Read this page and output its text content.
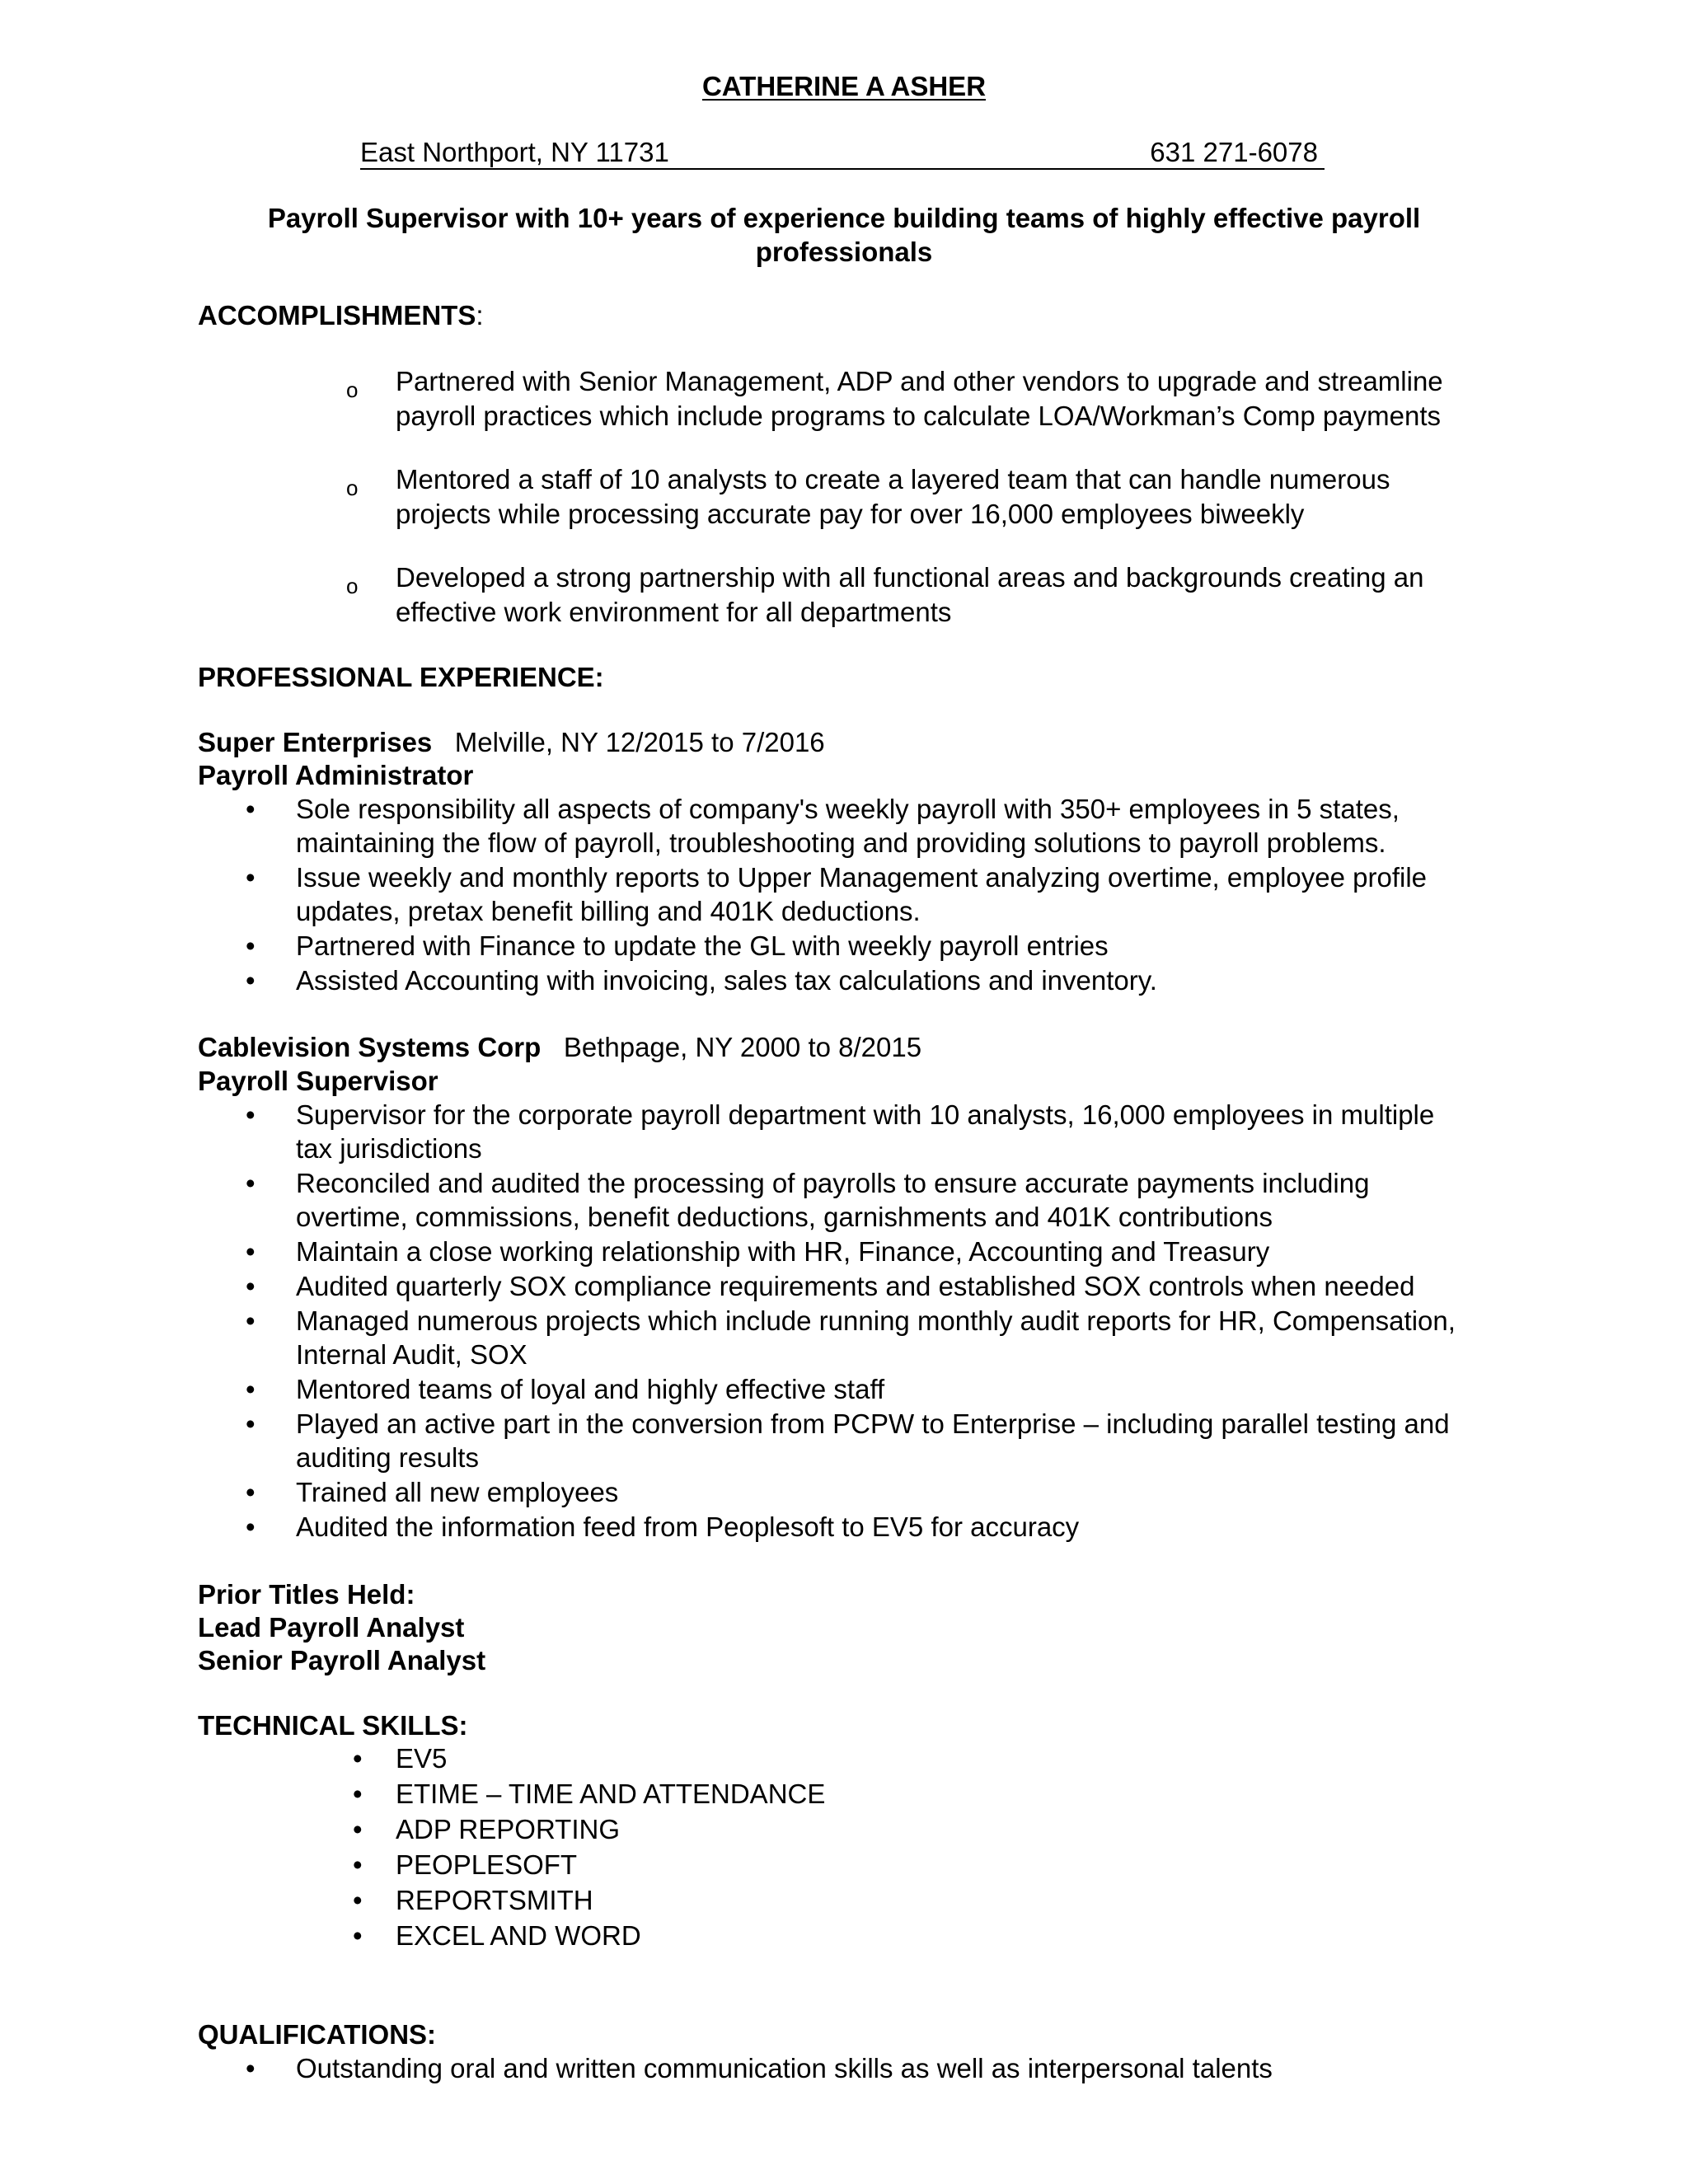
CATHERINE A ASHER
East Northport, NY 11731	631 271-6078
Payroll Supervisor with 10+ years of experience building teams of highly effective payroll professionals
ACCOMPLISHMENTS:
o Partnered with Senior Management, ADP and other vendors to upgrade and streamline
payroll practices which include programs to calculate LOA/Workman’s Comp payments
o Mentored a staff of 10 analysts to create a layered team that can handle numerous
projects while processing accurate pay for over 16,000 employees biweekly
o Developed a strong partnership with all functional areas and backgrounds creating an
effective work environment for all departments
PROFESSIONAL EXPERIENCE:
Super Enterprises Melville, NY 12/2015 to 7/2016
Payroll Administrator
• Sole responsibility all aspects of company's weekly payroll with 350+ employees in 5 states,
maintaining the flow of payroll, troubleshooting and providing solutions to payroll problems.
• Issue weekly and monthly reports to Upper Management analyzing overtime, employee profile
updates, pretax benefit billing and 401K deductions.
• Partnered with Finance to update the GL with weekly payroll entries
• Assisted Accounting with invoicing, sales tax calculations and inventory.
Cablevision Systems Corp Bethpage, NY 2000 to 8/2015
Payroll Supervisor
• Supervisor for the corporate payroll department with 10 analysts, 16,000 employees in multiple
tax jurisdictions
• Reconciled and audited the processing of payrolls to ensure accurate payments including
overtime, commissions, benefit deductions, garnishments and 401K contributions
• Maintain a close working relationship with HR, Finance, Accounting and Treasury
• Audited quarterly SOX compliance requirements and established SOX controls when needed
• Managed numerous projects which include running monthly audit reports for HR, Compensation,
Internal Audit, SOX
• Mentored teams of loyal and highly effective staff
• Played an active part in the conversion from PCPW to Enterprise – including parallel testing and
auditing results
• Trained all new employees
• Audited the information feed from Peoplesoft to EV5 for accuracy
Prior Titles Held:
Lead Payroll Analyst
Senior Payroll Analyst
TECHNICAL SKILLS:
• EV5
• ETIME – TIME AND ATTENDANCE
• ADP REPORTING
• PEOPLESOFT
• REPORTSMITH
• EXCEL AND WORD
QUALIFICATIONS:
• Outstanding oral and written communication skills as well as interpersonal talents
